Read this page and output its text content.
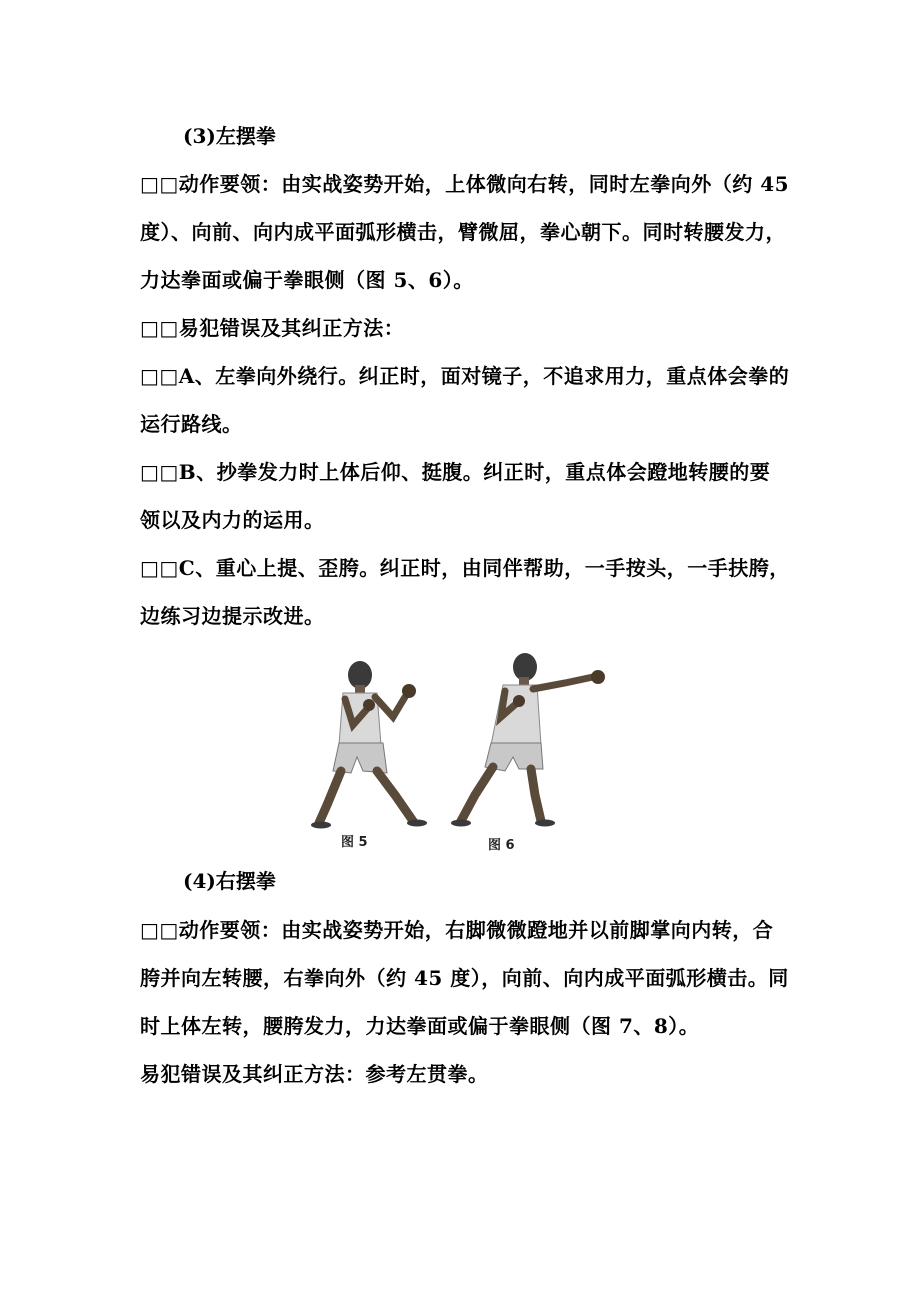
(3)左摆拳
□□动作要领：由实战姿势开始，上体微向右转，同时左拳向外（约 45 度）、向前、向内成平面弧形横击，臂微屈，拳心朝下。同时转腰发力，力达拳面或偏于拳眼侧（图 5、6）。
□□易犯错误及其纠正方法：
□□A、左拳向外绕行。纠正时，面对镜子，不追求用力，重点体会拳的运行路线。
□□B、抄拳发力时上体后仰、挺腹。纠正时，重点体会蹬地转腰的要领以及内力的运用。
□□C、重心上提、歪胯。纠正时，由同伴帮助，一手按头，一手扶胯，边练习边提示改进。
图 5	图 6
(4)右摆拳
□□动作要领：由实战姿势开始，右脚微微蹬地并以前脚掌向内转，合胯并向左转腰，右拳向外（约 45 度），向前、向内成平面弧形横击。同时上体左转，腰胯发力，力达拳面或偏于拳眼侧（图 7、8）。
易犯错误及其纠正方法：参考左贯拳。
